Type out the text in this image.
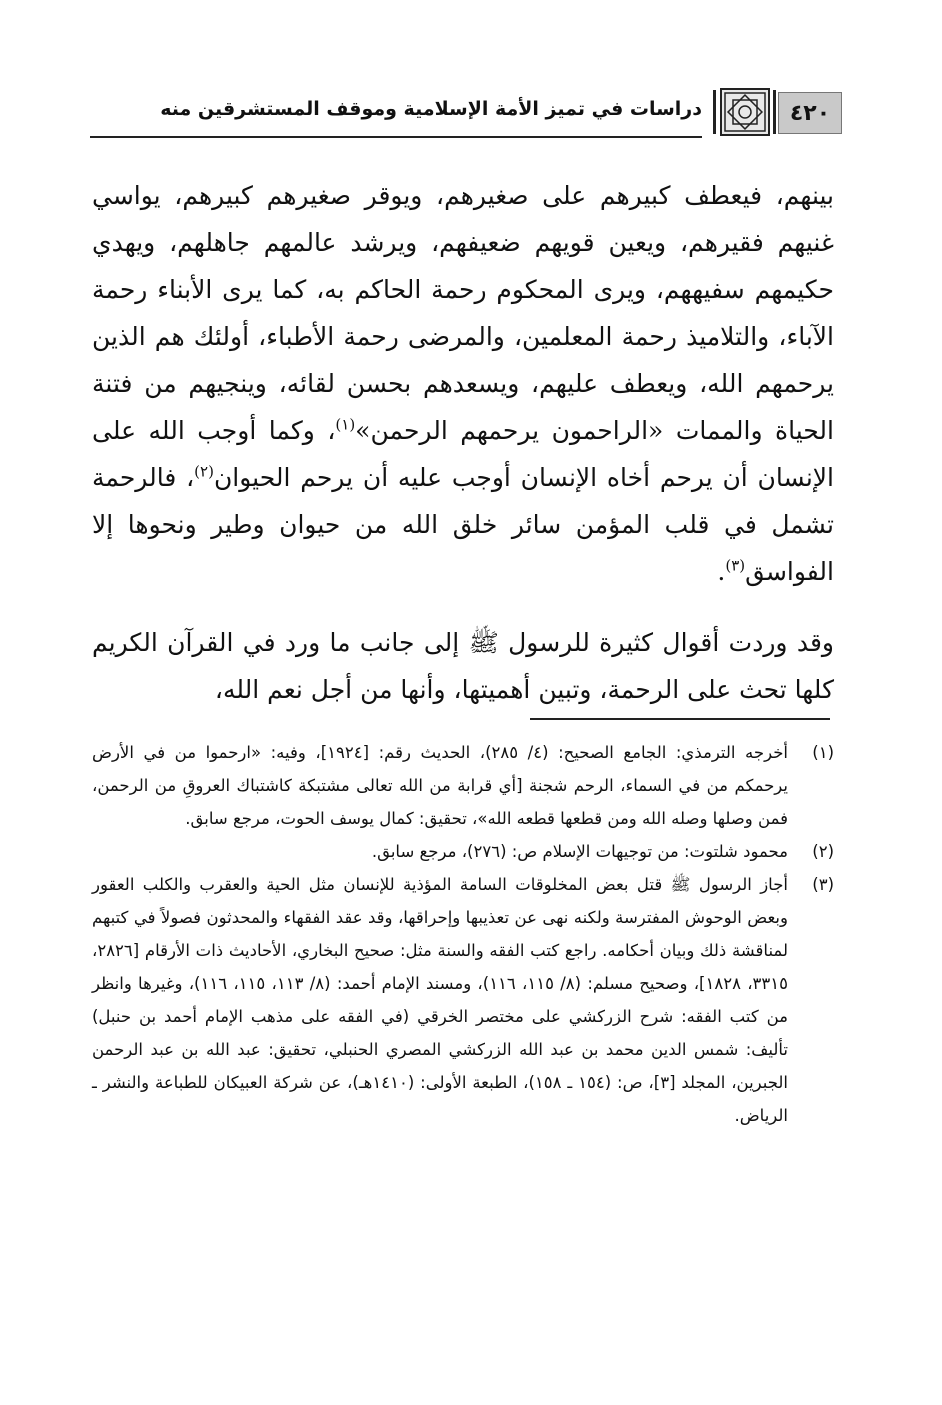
٤٢٠
دراسات في تميز الأمة الإسلامية وموقف المستشرقين منه

بينهم، فيعطف كبيرهم على صغيرهم، ويوقر صغيرهم كبيرهم، يواسي غنيهم فقيرهم، ويعين قويهم ضعيفهم، ويرشد عالمهم جاهلهم، ويهدي حكيمهم سفيههم، ويرى المحكوم رحمة الحاكم به، كما يرى الأبناء رحمة الآباء، والتلاميذ رحمة المعلمين، والمرضى رحمة الأطباء، أولئك هم الذين يرحمهم الله، ويعطف عليهم، ويسعدهم بحسن لقائه، وينجيهم من فتنة الحياة والممات «الراحمون يرحمهم الرحمن»$^{(١)}$، وكما أوجب الله على الإنسان أن يرحم أخاه الإنسان أوجب عليه أن يرحم الحيوان$^{(٢)}$، فالرحمة تشمل في قلب المؤمن سائر خلق الله من حيوان وطير ونحوها إلا الفواسق$^{(٣)}$.

وقد وردت أقوال كثيرة للرسول ﷺ إلى جانب ما ورد في القرآن الكريم كلها تحث على الرحمة، وتبين أهميتها، وأنها من أجل نعم الله،

(١)
أخرجه الترمذي: الجامع الصحيح: (٤/ ٢٨٥)، الحديث رقم: [١٩٢٤]، وفيه: «ارحموا من في الأرض يرحمكم من في السماء، الرحم شجنة [أي قرابة من الله تعالى مشتبكة كاشتباك العروقِ من الرحمن، فمن وصلها وصله الله ومن قطعها قطعه الله»، تحقيق: كمال يوسف الحوت، مرجع سابق.
(٢)
محمود شلتوت: من توجيهات الإسلام ص: (٢٧٦)، مرجع سابق.
(٣)
أجاز الرسول ﷺ قتل بعض المخلوقات السامة المؤذية للإنسان مثل الحية والعقرب والكلب العقور وبعض الوحوش المفترسة ولكنه نهى عن تعذيبها وإحراقها، وقد عقد الفقهاء والمحدثون فصولاً في كتبهم لمناقشة ذلك وبيان أحكامه. راجع كتب الفقه والسنة مثل: صحيح البخاري، الأحاديث ذات الأرقام [٢٨٢٦، ٣٣١٥، ١٨٢٨]، وصحيح مسلم: (٨/ ١١٥، ١١٦)، ومسند الإمام أحمد: (٨/ ١١٣، ١١٥، ١١٦)، وغيرها وانظر من كتب الفقه: شرح الزركشي على مختصر الخرقي (في الفقه على مذهب الإمام أحمد بن حنبل) تأليف: شمس الدين محمد بن عبد الله الزركشي المصري الحنبلي، تحقيق: عبد الله بن عبد الرحمن الجبرين، المجلد [٣]، ص: (١٥٤ ـ ١٥٨)، الطبعة الأولى: (١٤١٠هـ)، عن شركة العبيكان للطباعة والنشر ـ الرياض.
